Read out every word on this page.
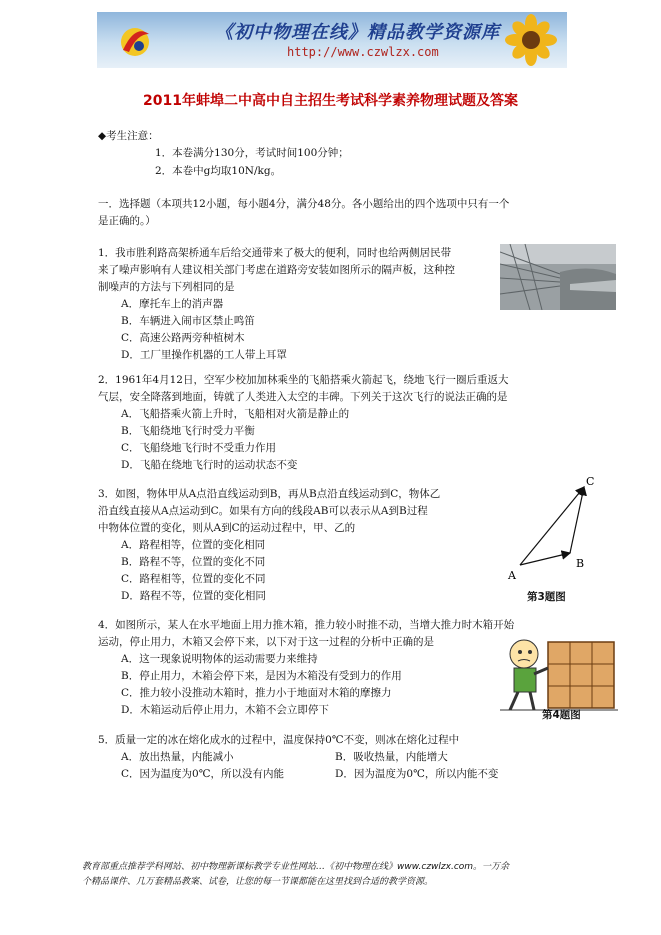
《初中物理在线》精品教学资源库
http://www.czwlzx.com
2011年蚌埠二中高中自主招生考试科学素养物理试题及答案
◆考生注意：
1．本卷满分130分，考试时间100分钟；
2．本卷中g均取10N/kg。
一．选择题（本项共12小题，每小题4分，满分48分。各小题给出的四个选项中只有一个
是正确的。）
1．我市胜利路高架桥通车后给交通带来了极大的便利，同时也给两侧居民带
来了噪声影响有人建议相关部门考虑在道路旁安装如图所示的隔声板，这种控
制噪声的方法与下列相同的是
A．摩托车上的消声器
B．车辆进入闹市区禁止鸣笛
C．高速公路两旁种植树木
D．工厂里操作机器的工人带上耳罩
2．1961年4月12日，空军少校加加林乘坐的飞船搭乘火箭起飞，绕地飞行一圈后重返大
气层，安全降落到地面，铸就了人类进入太空的丰碑。下列关于这次飞行的说法正确的是
A．飞船搭乘火箭上升时，飞船相对火箭是静止的
B．飞船绕地飞行时受力平衡
C．飞船绕地飞行时不受重力作用
D．飞船在绕地飞行时的运动状态不变
3．如图，物体甲从A点沿直线运动到B，再从B点沿直线运动到C，物体乙
沿直线直接从A点运动到C。如果有方向的线段AB可以表示从A到B过程
中物体位置的变化，则从A到C的运动过程中，甲、乙的
A．路程相等，位置的变化相同
B．路程不等，位置的变化不同
C．路程相等，位置的变化不同
D．路程不等，位置的变化相同
A
B
C
第3题图
4．如图所示，某人在水平地面上用力推木箱，推力较小时推不动，当增大推力时木箱开始
运动，停止用力，木箱又会停下来，以下对于这一过程的分析中正确的是
A．这一现象说明物体的运动需要力来维持
B．停止用力，木箱会停下来，是因为木箱没有受到力的作用
C．推力较小没推动木箱时，推力小于地面对木箱的摩擦力
D．木箱运动后停止用力，木箱不会立即停下	第4题图
5．质量一定的冰在熔化成水的过程中，温度保持0℃不变，则冰在熔化过程中
A．放出热量，内能减小	B．吸收热量，内能增大
C．因为温度为0℃，所以没有内能	D．因为温度为0℃，所以内能不变
教育部重点推荐学科网站、初中物理新课标教学专业性网站…《初中物理在线》www.czwlzx.com。一万余
个精品课件、几万套精品教案、试卷，让您的每一节课都能在这里找到合适的教学资源。
